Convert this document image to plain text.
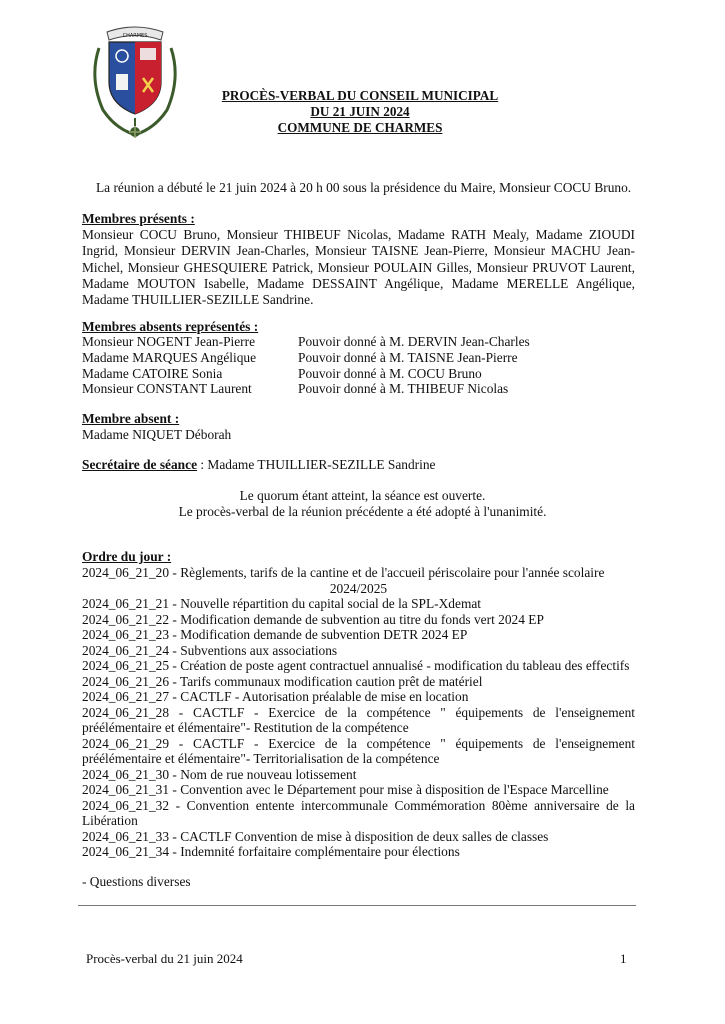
CHARMES
PROCÈS-VERBAL DU CONSEIL MUNICIPAL
DU 21 JUIN 2024
COMMUNE DE CHARMES
La réunion a débuté le 21 juin 2024 à 20 h 00 sous la présidence du Maire, Monsieur COCU Bruno.
Membres présents :
Monsieur COCU Bruno, Monsieur THIBEUF Nicolas, Madame RATH Mealy, Madame ZIOUDI Ingrid, Monsieur DERVIN Jean-Charles, Monsieur TAISNE Jean-Pierre, Monsieur MACHU Jean-Michel, Monsieur GHESQUIERE Patrick, Monsieur POULAIN Gilles, Monsieur PRUVOT Laurent, Madame MOUTON Isabelle, Madame DESSAINT Angélique, Madame MERELLE Angélique, Madame THUILLIER-SEZILLE Sandrine.
Membres absents représentés :
Monsieur NOGENT Jean-Pierre	Pouvoir donné à M. DERVIN Jean-Charles
Madame MARQUES Angélique	Pouvoir donné à M. TAISNE Jean-Pierre
Madame CATOIRE Sonia	Pouvoir donné à M. COCU Bruno
Monsieur CONSTANT Laurent	Pouvoir donné à M. THIBEUF Nicolas
Membre absent :
Madame NIQUET Déborah
Secrétaire de séance : Madame THUILLIER-SEZILLE Sandrine
Le quorum étant atteint, la séance est ouverte.
Le procès-verbal de la réunion précédente a été adopté à l'unanimité.
Ordre du jour :
2024_06_21_20 - Règlements, tarifs de la cantine et de l'accueil périscolaire pour l'année scolaire
2024/2025
2024_06_21_21 - Nouvelle répartition du capital social de la SPL-Xdemat
2024_06_21_22 - Modification demande de subvention au titre du fonds vert 2024 EP
2024_06_21_23 - Modification demande de subvention DETR 2024 EP
2024_06_21_24 - Subventions aux associations
2024_06_21_25 - Création de poste agent contractuel annualisé - modification du tableau des effectifs
2024_06_21_26 - Tarifs communaux modification caution prêt de matériel
2024_06_21_27 - CACTLF - Autorisation préalable de mise en location
2024_06_21_28 - CACTLF - Exercice de la compétence " équipements de l'enseignement préélémentaire et élémentaire"- Restitution de la compétence
2024_06_21_29 - CACTLF - Exercice de la compétence " équipements de l'enseignement préélémentaire et élémentaire"- Territorialisation de la compétence
2024_06_21_30 - Nom de rue nouveau lotissement
2024_06_21_31 - Convention avec le Département pour mise à disposition de l'Espace Marcelline
2024_06_21_32 - Convention entente intercommunale Commémoration 80ème anniversaire de la Libération
2024_06_21_33 - CACTLF Convention de mise à disposition de deux salles de classes
2024_06_21_34 - Indemnité forfaitaire complémentaire pour élections
- Questions diverses
Procès-verbal du 21 juin 2024	1
